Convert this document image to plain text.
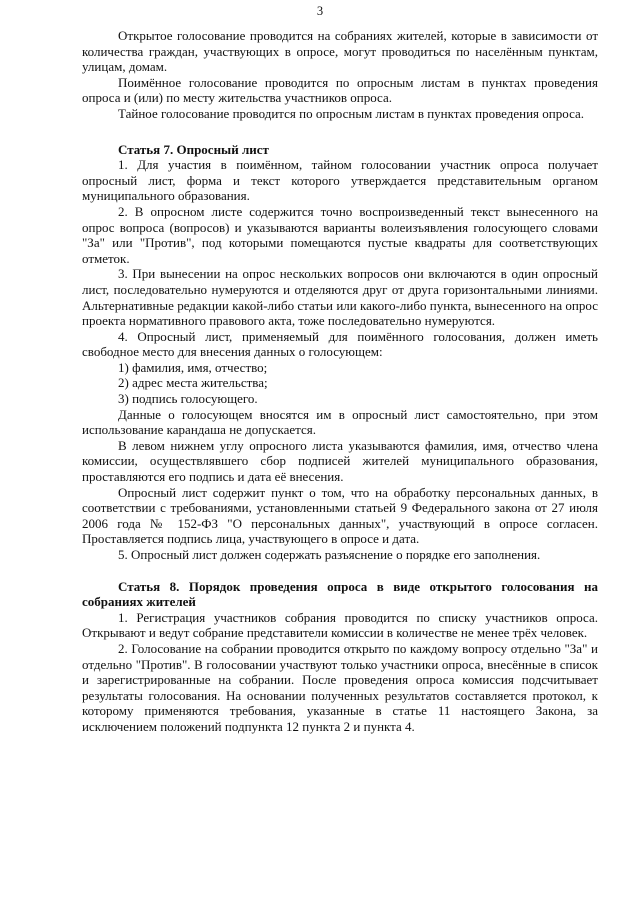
3

Открытое голосование проводится на собраниях жителей, которые в зависимости от количества граждан, участвующих в опросе, могут проводиться по населённым пунктам, улицам, домам.

Поимённое голосование проводится по опросным листам в пунктах проведения опроса и (или) по месту жительства участников опроса.

Тайное голосование проводится по опросным листам в пунктах проведения опроса.

Статья 7. Опросный лист

1. Для участия в поимённом, тайном голосовании участник опроса получает опросный лист, форма и текст которого утверждается представительным органом муниципального образования.

2. В опросном листе содержится точно воспроизведенный текст вынесенного на опрос вопроса (вопросов) и указываются варианты волеизъявления голосующего словами "За" или "Против", под которыми помещаются пустые квадраты для соответствующих отметок.

3. При вынесении на опрос нескольких вопросов они включаются в один опросный лист, последовательно нумеруются и отделяются друг от друга горизонтальными линиями. Альтернативные редакции какой-либо статьи или какого-либо пункта, вынесенного на опрос проекта нормативного правового акта, тоже последовательно нумеруются.

4. Опросный лист, применяемый для поимённого голосования, должен иметь свободное место для внесения данных о голосующем:

1) фамилия, имя, отчество;

2) адрес места жительства;

3) подпись голосующего.

Данные о голосующем вносятся им в опросный лист самостоятельно, при этом использование карандаша не допускается.

В левом нижнем углу опросного листа указываются фамилия, имя, отчество члена комиссии, осуществлявшего сбор подписей жителей муниципального образования, проставляются его подпись и дата её внесения.

Опросный лист содержит пункт о том, что на обработку персональных данных, в соответствии с требованиями, установленными статьей 9 Федерального закона от 27 июля 2006 года № 152-ФЗ "О персональных данных", участвующий в опросе согласен. Проставляется подпись лица, участвующего в опросе и дата.

5. Опросный лист должен содержать разъяснение о порядке его заполнения.

Статья 8. Порядок проведения опроса в виде открытого голосования на собраниях жителей

1. Регистрация участников собрания проводится по списку участников опроса. Открывают и ведут собрание представители комиссии в количестве не менее трёх человек.

2. Голосование на собрании проводится открыто по каждому вопросу отдельно "За" и отдельно "Против". В голосовании участвуют только участники опроса, внесённые в список и зарегистрированные на собрании. После проведения опроса комиссия подсчитывает результаты голосования. На основании полученных результатов составляется протокол, к которому применяются требования, указанные в статье 11 настоящего Закона, за исключением положений подпункта 12 пункта 2 и пункта 4.
